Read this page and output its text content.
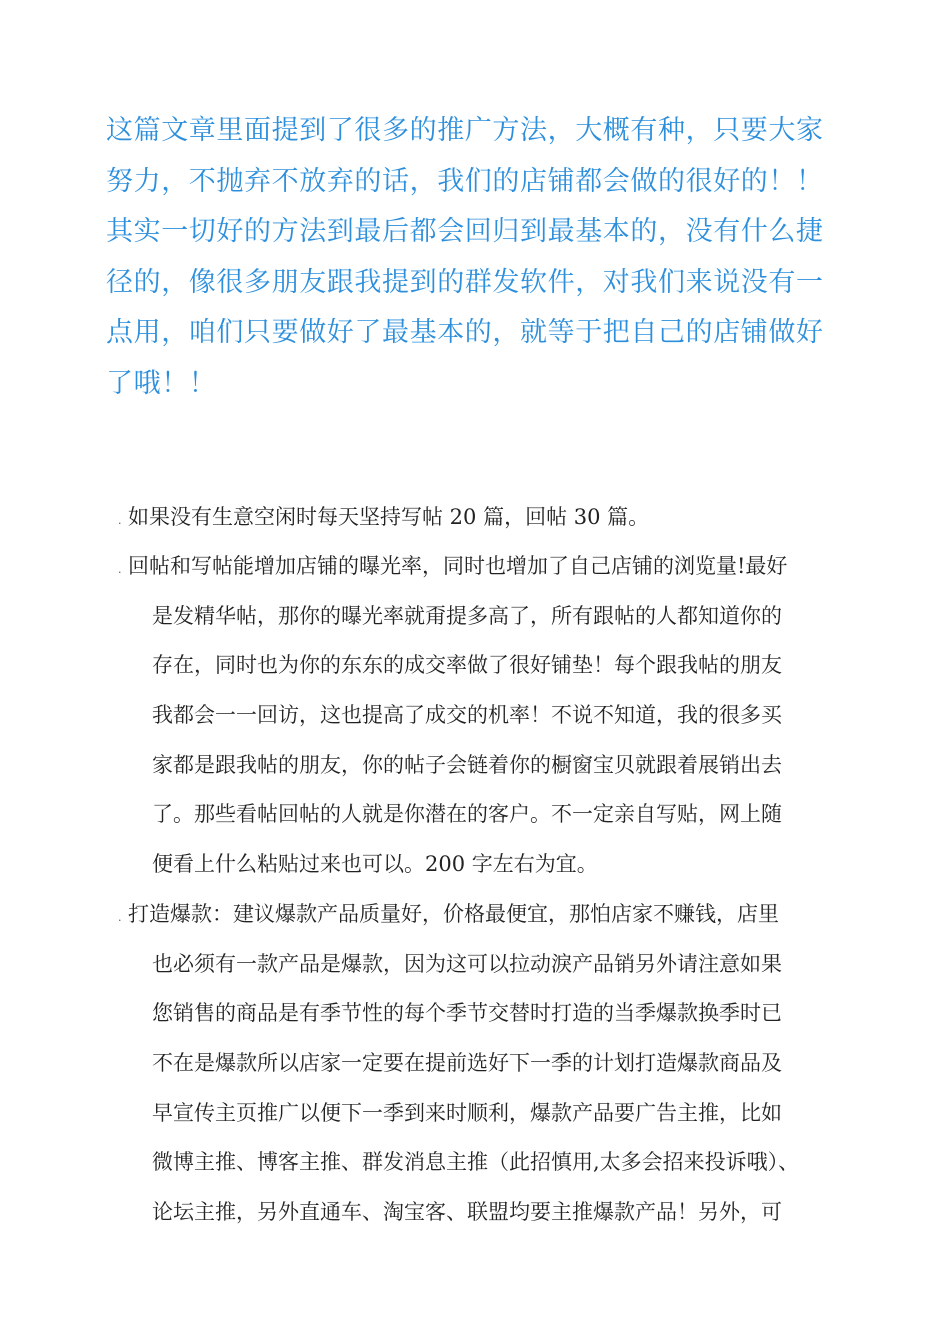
这篇文章里面提到了很多的推广方法，大概有种，只要大家
努力，不抛弃不放弃的话，我们的店铺都会做的很好的！！
其实一切好的方法到最后都会回归到最基本的，没有什么捷
径的，像很多朋友跟我提到的群发软件，对我们来说没有一
点用，咱们只要做好了最基本的，就等于把自己的店铺做好
了哦！！
. 如果没有生意空闲时每天坚持写帖 20 篇，回帖 30 篇。
. 回帖和写帖能增加店铺的曝光率，同时也增加了自己店铺的浏览量!最好
是发精华帖，那你的曝光率就甭提多高了，所有跟帖的人都知道你的
存在，同时也为你的东东的成交率做了很好铺垫！每个跟我帖的朋友
我都会一一回访，这也提高了成交的机率！不说不知道，我的很多买
家都是跟我帖的朋友，你的帖子会链着你的橱窗宝贝就跟着展销出去
了。那些看帖回帖的人就是你潜在的客户。不一定亲自写贴，网上随
便看上什么粘贴过来也可以。200 字左右为宜。
. 打造爆款：建议爆款产品质量好，价格最便宜，那怕店家不赚钱，店里
也必须有一款产品是爆款，因为这可以拉动淚产品销另外请注意如果
您销售的商品是有季节性的每个季节交替时打造的当季爆款换季时已
不在是爆款所以店家一定要在提前选好下一季的计划打造爆款商品及
早宣传主页推广以便下一季到来时顺利，爆款产品要广告主推，比如
微博主推、博客主推、群发消息主推（此招慎用,太多会招来投诉哦）、
论坛主推，另外直通车、淘宝客、联盟均要主推爆款产品！另外，可
